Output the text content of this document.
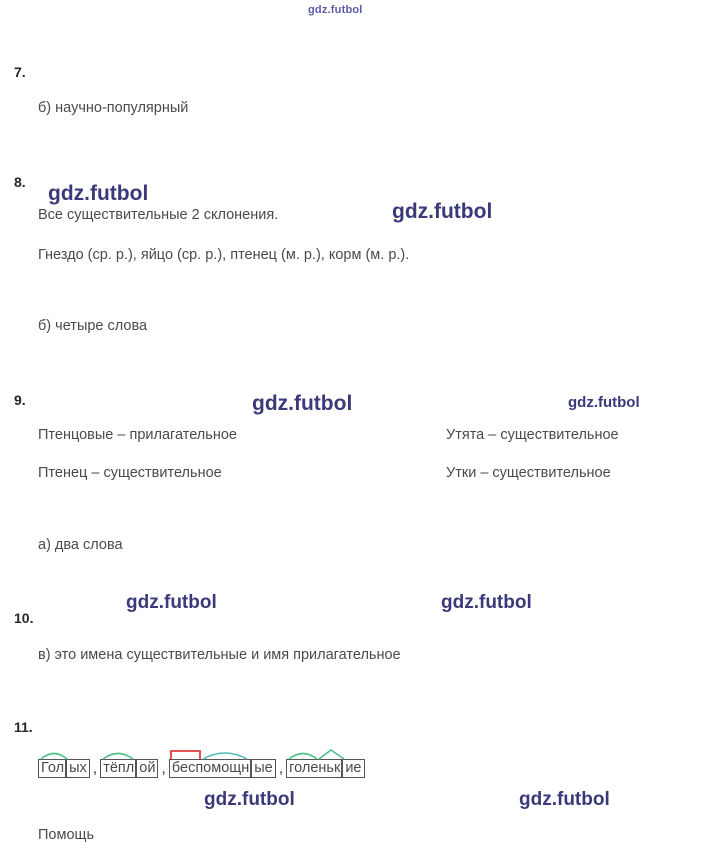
gdz.futbol
gdz.futbol
gdz.futbol
gdz.futbol	gdz.futbol
gdz.futbol	gdz.futbol
gdz.futbol	gdz.futbol
7.
б) научно-популярный
8.
Все существительные 2 склонения.
Гнездо (ср. р.), яйцо (ср. р.), птенец (м. р.), корм (м. р.).
б) четыре слова
9.
Птенцовые – прилагательное	Утята – существительное
Птенец – существительное	Утки – существительное
а) два слова
10.
в) это имена существительные и имя прилагательное
11.
Гол ых , тёпл ой , беспомощн ые , голеньк ие
Помощь
